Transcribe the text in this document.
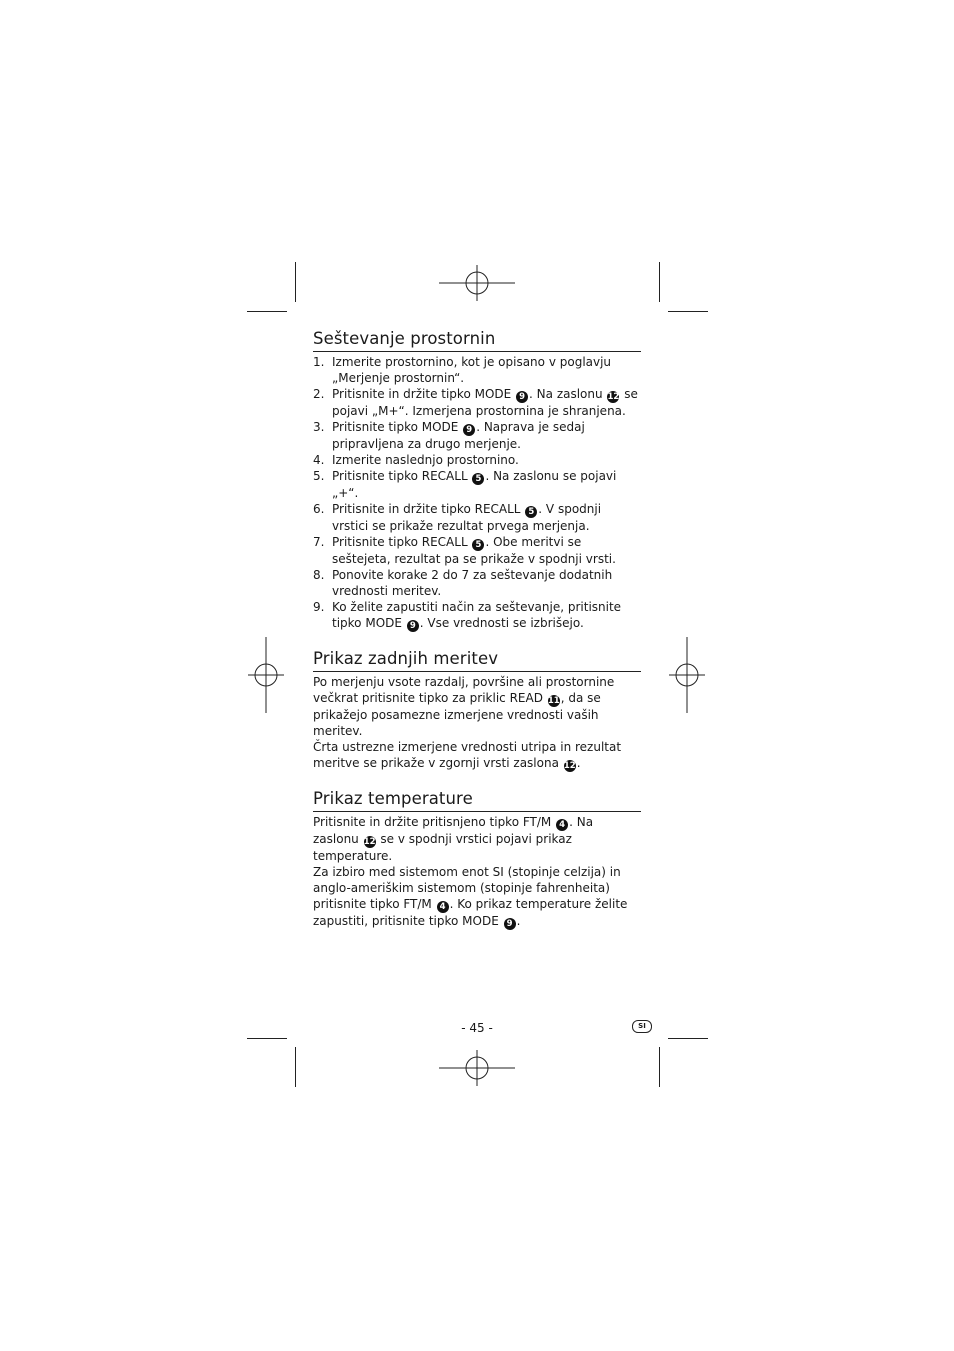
Seštevanje prostornin
1. Izmerite prostornino, kot je opisano v poglavju „Merjenje prostornin“.
2. Pritisnite in držite tipko MODE 9 . Na zaslonu 12 se pojavi „M+“. Izmerjena prostornina je shranjena.
3. Pritisnite tipko MODE 9 . Naprava je sedaj pripravljena za drugo merjenje.
4. Izmerite naslednjo prostornino.
5. Pritisnite tipko RECALL 5 . Na zaslonu se pojavi „+“.
6. Pritisnite in držite tipko RECALL 5 . V spodnji vrstici se prikaže rezultat prvega merjenja.
7. Pritisnite tipko RECALL 5 . Obe meritvi se seštejeta, rezultat pa se prikaže v spodnji vrsti.
8. Ponovite korake 2 do 7 za seštevanje dodatnih vrednosti meritev.
9. Ko želite zapustiti način za seštevanje, pritisnite tipko MODE 9 . Vse vrednosti se izbrišejo.
Prikaz zadnjih meritev

Po merjenju vsote razdalj, površine ali prostornine večkrat pritisnite tipko za priklic READ 11, da se prikažejo posamezne izmerjene vrednosti vaših meritev.

Črta ustrezne izmerjene vrednosti utripa in rezultat meritve se prikaže v zgornji vrsti zaslona 12.

Prikaz temperature

Pritisnite in držite pritisnjeno tipko FT/M 4 . Na zaslonu 12 se v spodnji vrstici pojavi prikaz temperature.

Za izbiro med sistemom enot SI (stopinje celzija) in anglo-ameriškim sistemom (stopinje fahrenheita) pritisnite tipko FT/M 4 . Ko prikaz temperature želite zapustiti, pritisnite tipko MODE 9 .

- 45 -	SI
